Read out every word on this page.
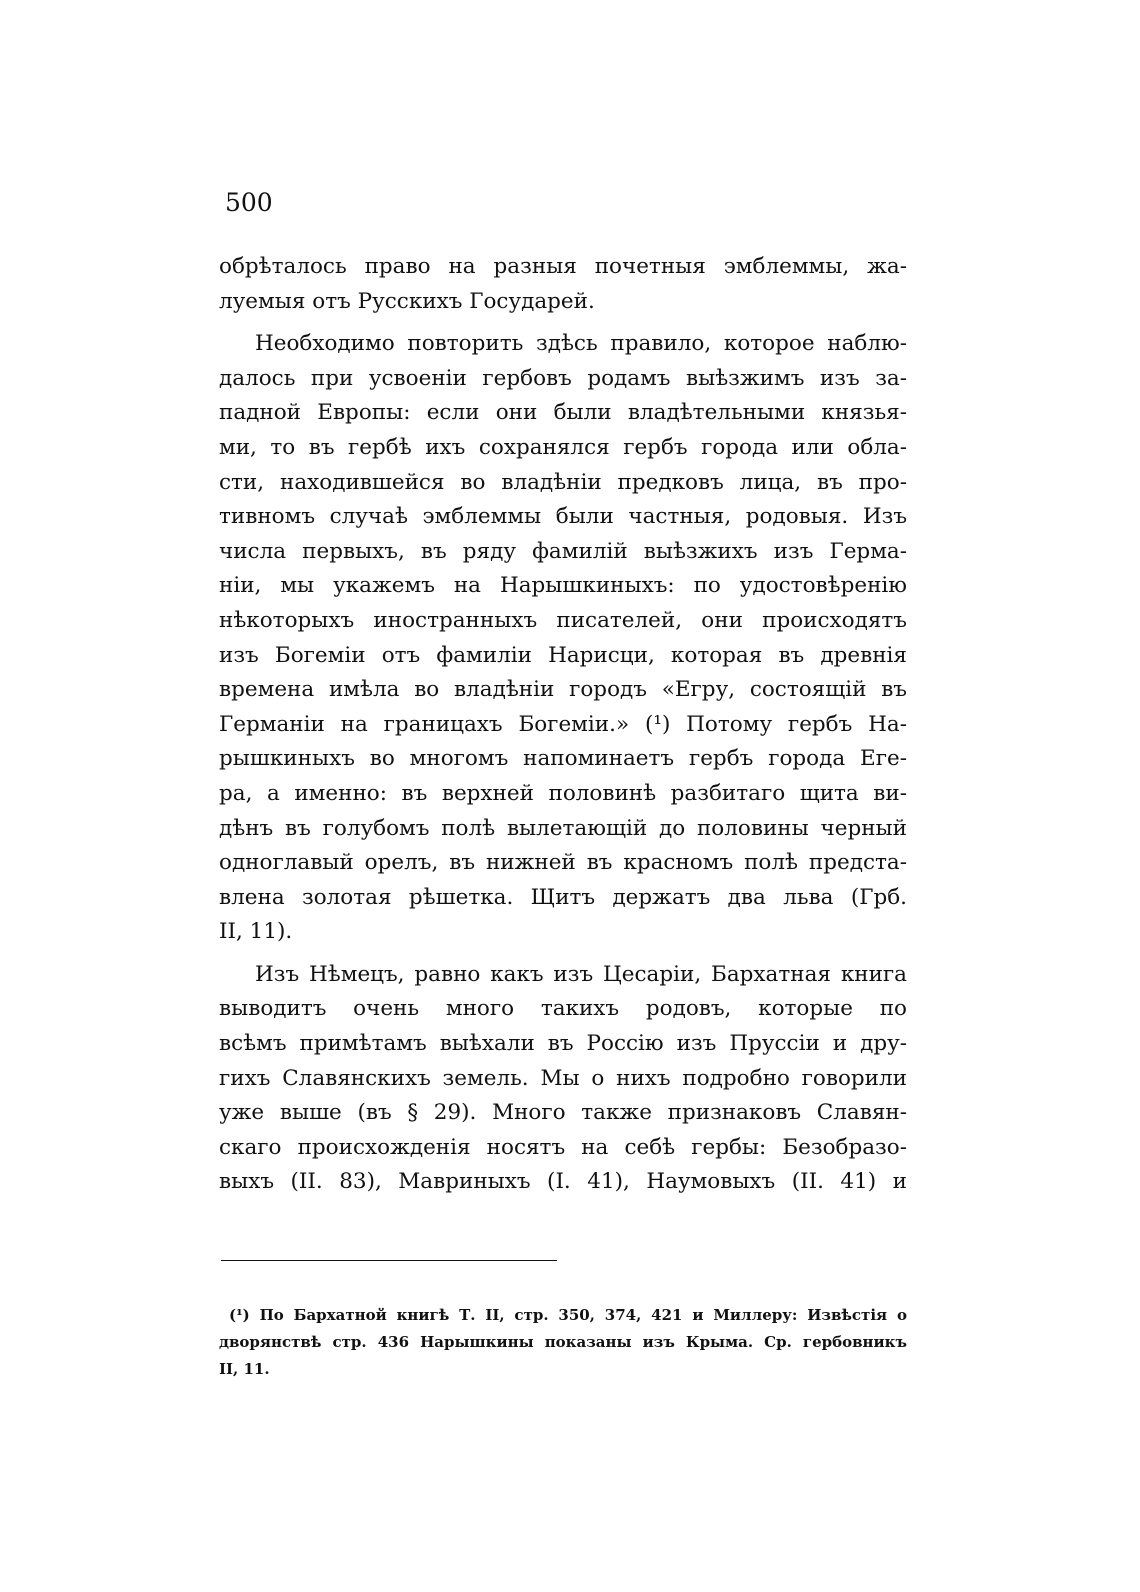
500
обрѣталось право на разныя почетныя эмблеммы, жа-
луемыя отъ Русскихъ Государей.
Необходимо повторить здѣсь правило, которое наблю-
далось при усвоеніи гербовъ родамъ выѣзжимъ изъ за-
падной Европы: если они были владѣтельными князья-
ми, то въ гербѣ ихъ сохранялся гербъ города или обла-
сти, находившейся во владѣніи предковъ лица, въ про-
тивномъ случаѣ эмблеммы были частныя, родовыя. Изъ
числа первыхъ, въ ряду фамилій выѣзжихъ изъ Герма-
ніи, мы укажемъ на Нарышкиныхъ: по удостовѣренію
нѣкоторыхъ иностранныхъ писателей, они происходятъ
изъ Богеміи отъ фамиліи Нарисци, которая въ древнія
времена имѣла во владѣніи городъ «Егру, состоящій въ
Германіи на границахъ Богеміи.» (¹) Потому гербъ На-
рышкиныхъ во многомъ напоминаетъ гербъ города Еге-
ра, а именно: въ верхней половинѣ разбитаго щита ви-
дѣнъ въ голубомъ полѣ вылетающій до половины черный
одноглавый орелъ, въ нижней въ красномъ полѣ предста-
влена золотая рѣшетка. Щитъ держатъ два льва (Грб.
II, 11).
Изъ Нѣмецъ, равно какъ изъ Цесаріи, Бархатная книга
выводитъ очень много такихъ родовъ, которые по
всѣмъ примѣтамъ выѣхали въ Россію изъ Пруссіи и дру-
гихъ Славянскихъ земель. Мы о нихъ подробно говорили
уже выше (въ § 29). Много также признаковъ Славян-
скаго происхожденія носятъ на себѣ гербы: Безобразо-
выхъ (II. 83), Мавриныхъ (I. 41), Наумовыхъ (II. 41) и
(¹) По Бархатной книгѣ Т. II, стр. 350, 374, 421 и Миллеру: Извѣстія о
дворянствѣ стр. 436 Нарышкины показаны изъ Крыма. Ср. гербовникъ
II, 11.
